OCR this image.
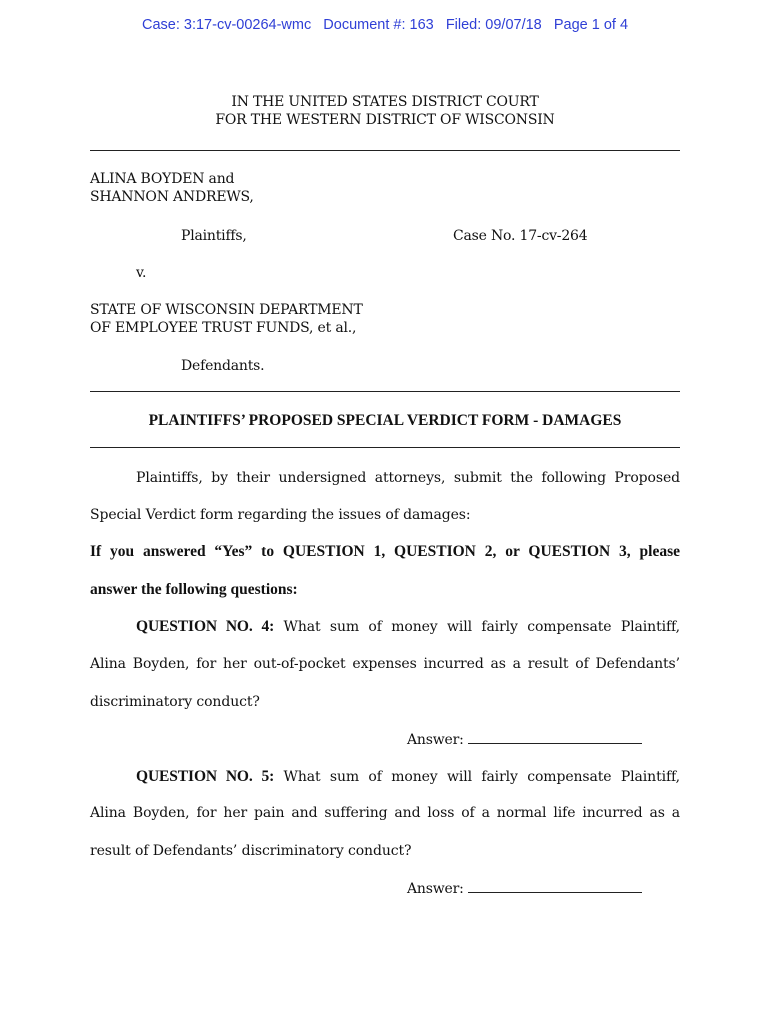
Case: 3:17-cv-00264-wmc   Document #: 163   Filed: 09/07/18   Page 1 of 4
IN THE UNITED STATES DISTRICT COURT
FOR THE WESTERN DISTRICT OF WISCONSIN
ALINA BOYDEN and
SHANNON ANDREWS,
Plaintiffs,	Case No. 17-cv-264
v.
STATE OF WISCONSIN DEPARTMENT
OF EMPLOYEE TRUST FUNDS, et al.,
Defendants.
PLAINTIFFS’ PROPOSED SPECIAL VERDICT FORM - DAMAGES
Plaintiffs, by their undersigned attorneys, submit the following Proposed
Special Verdict form regarding the issues of damages:
If you answered “Yes” to QUESTION 1, QUESTION 2, or QUESTION 3, please
answer the following questions:
QUESTION NO. 4: What sum of money will fairly compensate Plaintiff,
Alina Boyden, for her out-of-pocket expenses incurred as a result of Defendants’
discriminatory conduct?
Answer:
QUESTION NO. 5: What sum of money will fairly compensate Plaintiff,
Alina Boyden, for her pain and suffering and loss of a normal life incurred as a
result of Defendants’ discriminatory conduct?
Answer:
